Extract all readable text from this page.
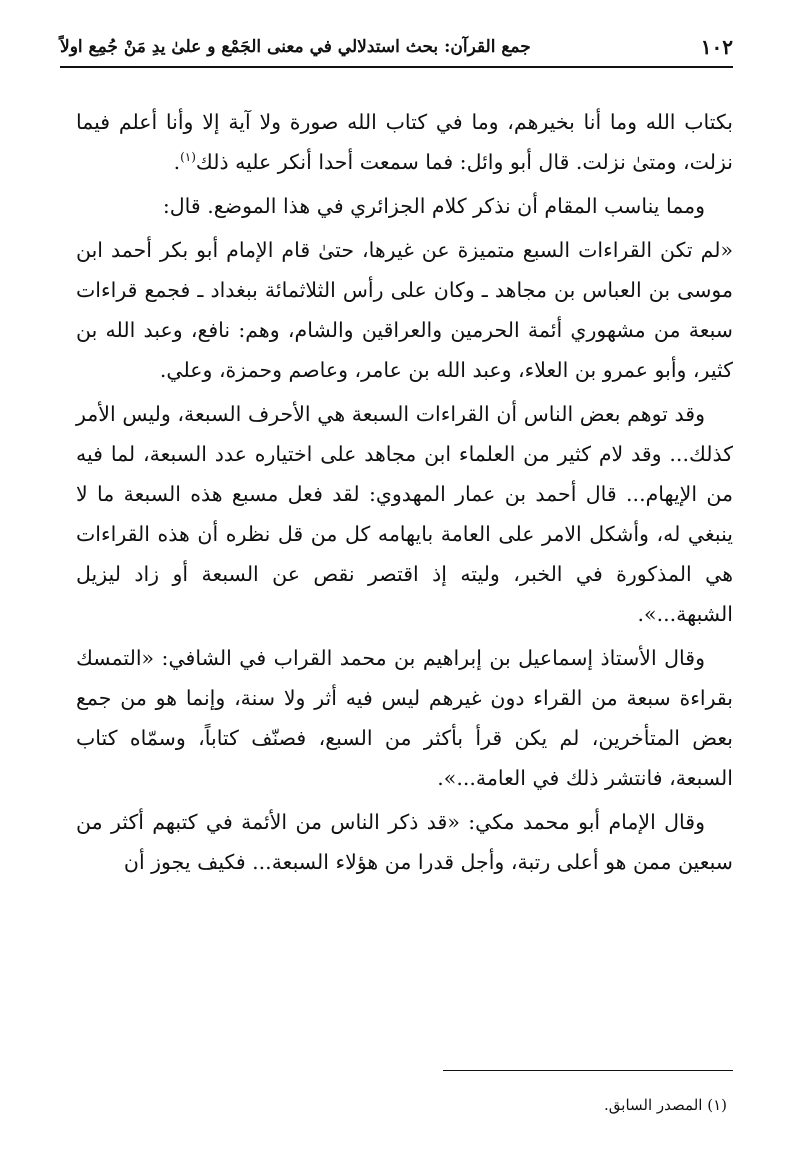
١٠٢
جمع القرآن: بحث استدلالي في معنى الجَمْع و علىٰ يدِ مَنْ جُمِع اولاً

بكتاب الله وما أنا بخيرهم، وما في كتاب الله صورة ولا آية إلا وأنا أعلم فيما نزلت، ومتىٰ نزلت. قال أبو وائل: فما سمعت أحدا أنكر عليه ذلك$^{(١)}$.

ومما يناسب المقام أن نذكر كلام الجزائري في هذا الموضع. قال:

«لم تكن القراءات السبع متميزة عن غيرها، حتىٰ قام الإمام أبو بكر أحمد ابن موسى بن العباس بن مجاهد ـ وكان على رأس الثلاثمائة ببغداد ـ فجمع قراءات سبعة من مشهوري أئمة الحرمين والعراقين والشام، وهم: نافع، وعبد الله بن كثير، وأبو عمرو بن العلاء، وعبد الله بن عامر، وعاصم وحمزة، وعلي.

وقد توهم بعض الناس أن القراءات السبعة هي الأحرف السبعة، وليس الأمر كذلك... وقد لام كثير من العلماء ابن مجاهد على اختياره عدد السبعة، لما فيه من الإيهام... قال أحمد بن عمار المهدوي: لقد فعل مسبع هذه السبعة ما لا ينبغي له، وأشكل الامر على العامة بايهامه كل من قل نظره أن هذه القراءات هي المذكورة في الخبر، وليته إذ اقتصر نقص عن السبعة أو زاد ليزيل الشبهة...».

وقال الأستاذ إسماعيل بن إبراهيم بن محمد القراب في الشافي: «التمسك بقراءة سبعة من القراء دون غيرهم ليس فيه أثر ولا سنة، وإنما هو من جمع بعض المتأخرين، لم يكن قرأ بأكثر من السبع، فصنّف كتاباً، وسمّاه كتاب السبعة، فانتشر ذلك في العامة...».

وقال الإمام أبو محمد مكي: «قد ذكر الناس من الأئمة في كتبهم أكثر من سبعين ممن هو أعلى رتبة، وأجل قدرا من هؤلاء السبعة... فكيف يجوز أن

(١) المصدر السابق.
